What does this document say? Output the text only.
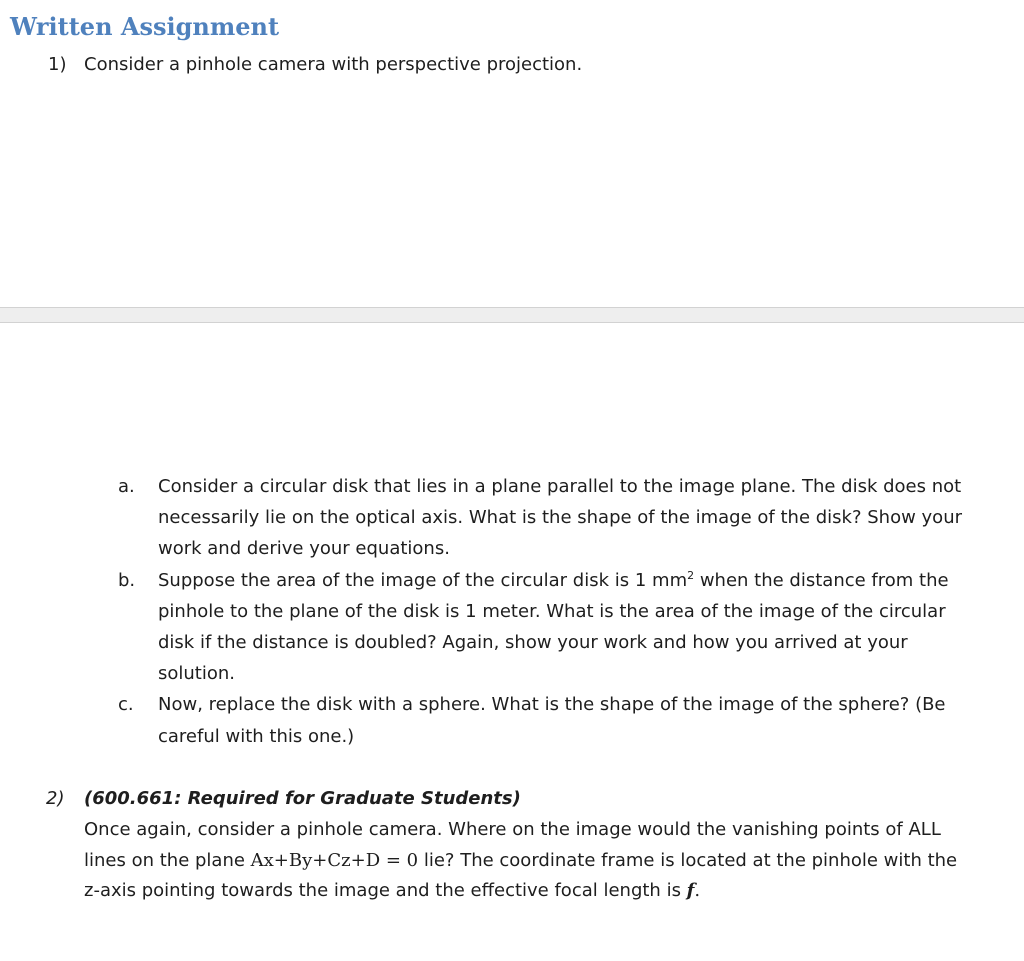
Written Assignment
1) Consider a pinhole camera with perspective projection.
a.	Consider a circular disk that lies in a plane parallel to the image plane. The disk does not necessarily lie on the optical axis. What is the shape of the image of the disk? Show your work and derive your equations.
b.	Suppose the area of the image of the circular disk is 1 $mm^2$ when the distance from the pinhole to the plane of the disk is 1 meter. What is the area of the image of the circular disk if the distance is doubled? Again, show your work and how you arrived at your solution.
c.	Now, replace the disk with a sphere. What is the shape of the image of the sphere? (Be careful with this one.)
2)	(600.661: Required for Graduate Students)
Once again, consider a pinhole camera. Where on the image would the vanishing points of ALL lines on the plane Ax+By+Cz+D = 0 lie? The coordinate frame is located at the pinhole with the z-axis pointing towards the image and the effective focal length is f.
